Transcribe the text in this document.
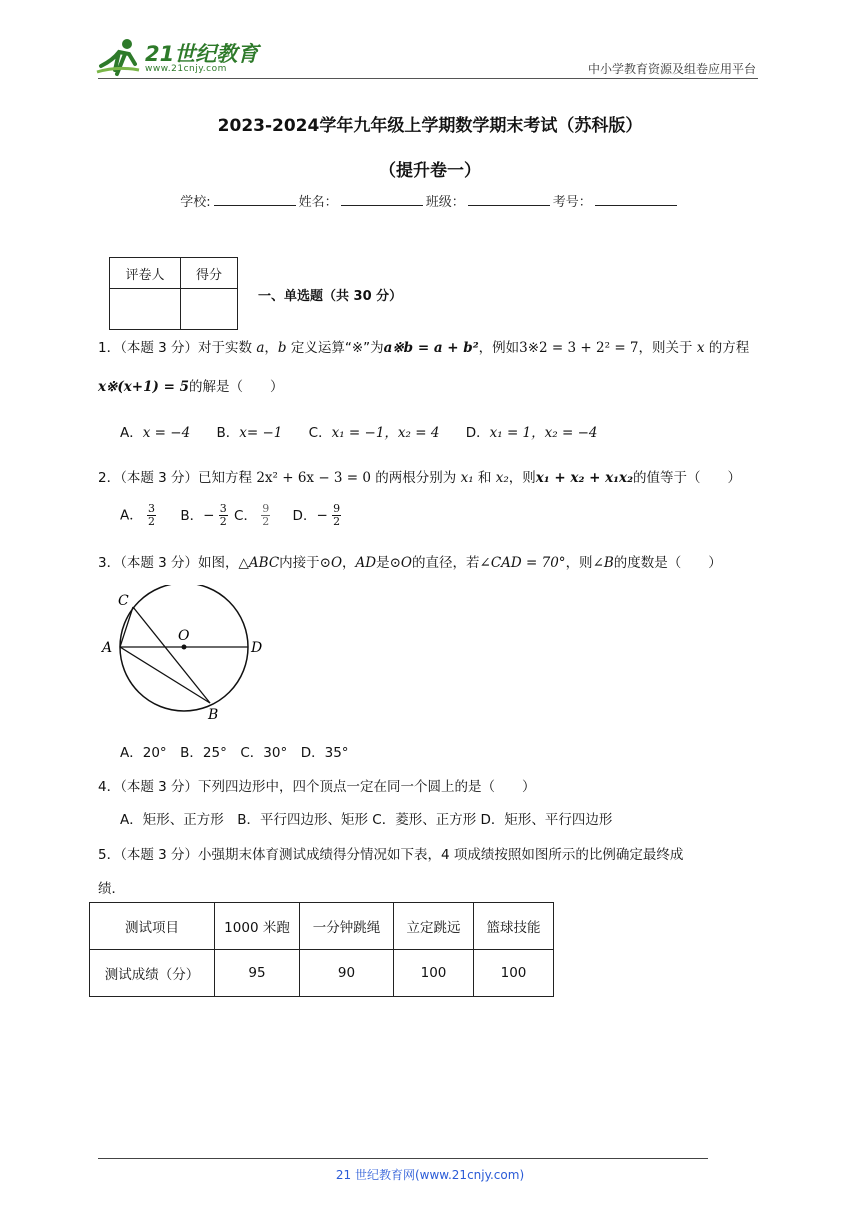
21世纪教育
www.21cnjy.com	中小学教育资源及组卷应用平台
2023-2024学年九年级上学期数学期末考试（苏科版）
（提升卷一）
学校:	姓名：	班级：	考号：
评卷人	得分

一、单选题（共 30 分）
1．（本题 3 分）对于实数 a，b 定义运算“※”为a※b = a + b²，例如3※2 = 3 + 2² = 7，则关于 x 的方程
x※(x+1) = 5的解是（　　）
A．x = −4 B．x= −1 C．x₁ = −1，x₂ = 4 D．x₁ = 1，x₂ = −4
2．（本题 3 分）已知方程 2x² + 6x − 3 = 0 的两根分别为 x₁ 和 x₂，则x₁ + x₂ + x₁x₂的值等于（　　）
A． $\frac{3}{2}$ B．− $\frac{3}{2}$ C． $\frac{9}{2}$ D．− $\frac{9}{2}$
3．（本题 3 分）如图，△ABC内接于⊙O，AD是⊙O的直径，若∠CAD = 70°，则∠B的度数是（　　）
C
A
O
D
B
A．20°　B．25°　C．30°　D．35°
4．（本题 3 分）下列四边形中，四个顶点一定在同一个圆上的是（　　）
A．矩形、正方形　B．平行四边形、矩形 C．菱形、正方形 D．矩形、平行四边形
5．（本题 3 分）小强期末体育测试成绩得分情况如下表，4 项成绩按照如图所示的比例确定最终成
绩．
测试项目	1000 米跑	一分钟跳绳	立定跳远	篮球技能
测试成绩（分）	95	90	100	100
21 世纪教育网(www.21cnjy.com)
